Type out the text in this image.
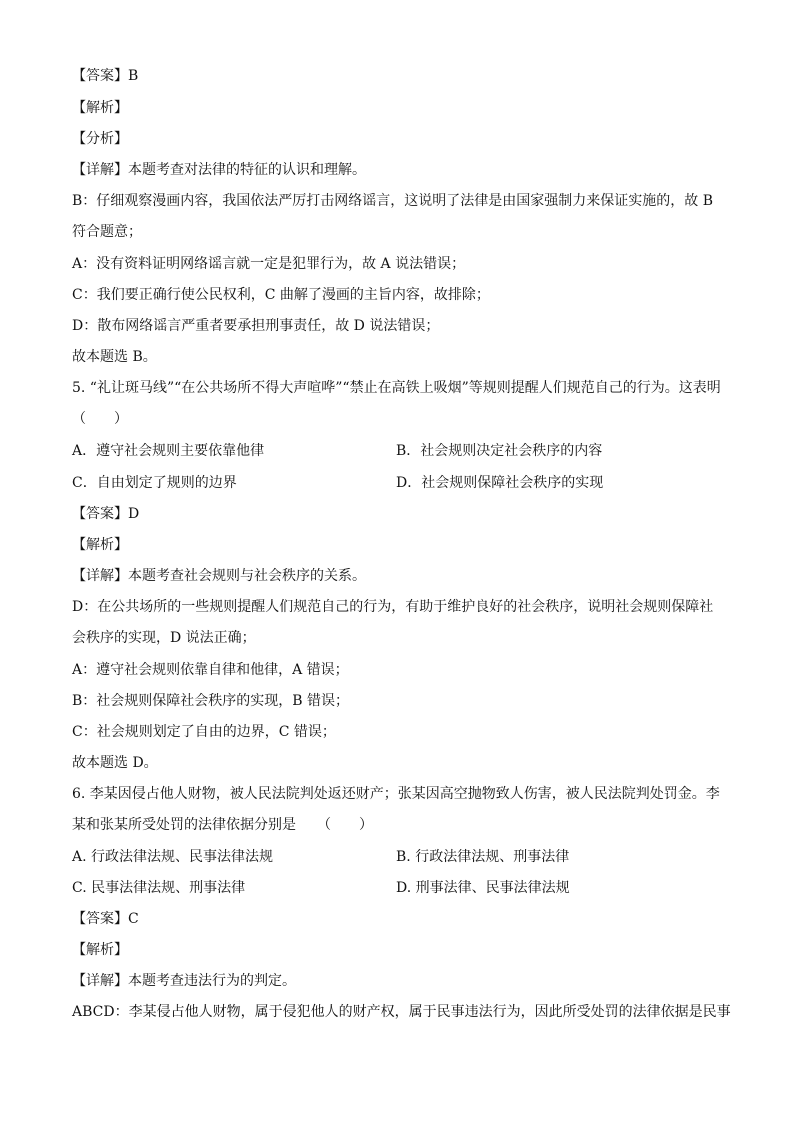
【答案】B
【解析】
【分析】
【详解】本题考查对法律的特征的认识和理解。
B：仔细观察漫画内容，我国依法严厉打击网络谣言，这说明了法律是由国家强制力来保证实施的，故 B 符合题意；
A：没有资料证明网络谣言就一定是犯罪行为，故 A 说法错误；
C：我们要正确行使公民权利，C 曲解了漫画的主旨内容，故排除；
D：散布网络谣言严重者要承担刑事责任，故 D 说法错误；
故本题选 B。
5. “礼让斑马线”“在公共场所不得大声喧哗”“禁止在高铁上吸烟”等规则提醒人们规范自己的行为。这表明　　（　　）
A．遵守社会规则主要依靠他律	B．社会规则决定社会秩序的内容
C．自由划定了规则的边界	D．社会规则保障社会秩序的实现
【答案】D
【解析】
【详解】本题考查社会规则与社会秩序的关系。
D：在公共场所的一些规则提醒人们规范自己的行为，有助于维护良好的社会秩序，说明社会规则保障社会秩序的实现，D 说法正确；
A：遵守社会规则依靠自律和他律，A 错误；
B：社会规则保障社会秩序的实现，B 错误；
C：社会规则划定了自由的边界，C 错误；
故本题选 D。
6. 李某因侵占他人财物，被人民法院判处返还财产；张某因高空抛物致人伤害，被人民法院判处罚金。李某和张某所受处罚的法律依据分别是　　（　　）
A. 行政法律法规、民事法律法规	B. 行政法律法规、刑事法律
C. 民事法律法规、刑事法律	D. 刑事法律、民事法律法规
【答案】C
【解析】
【详解】本题考查违法行为的判定。
ABCD：李某侵占他人财物，属于侵犯他人的财产权，属于民事违法行为，因此所受处罚的法律依据是民事
